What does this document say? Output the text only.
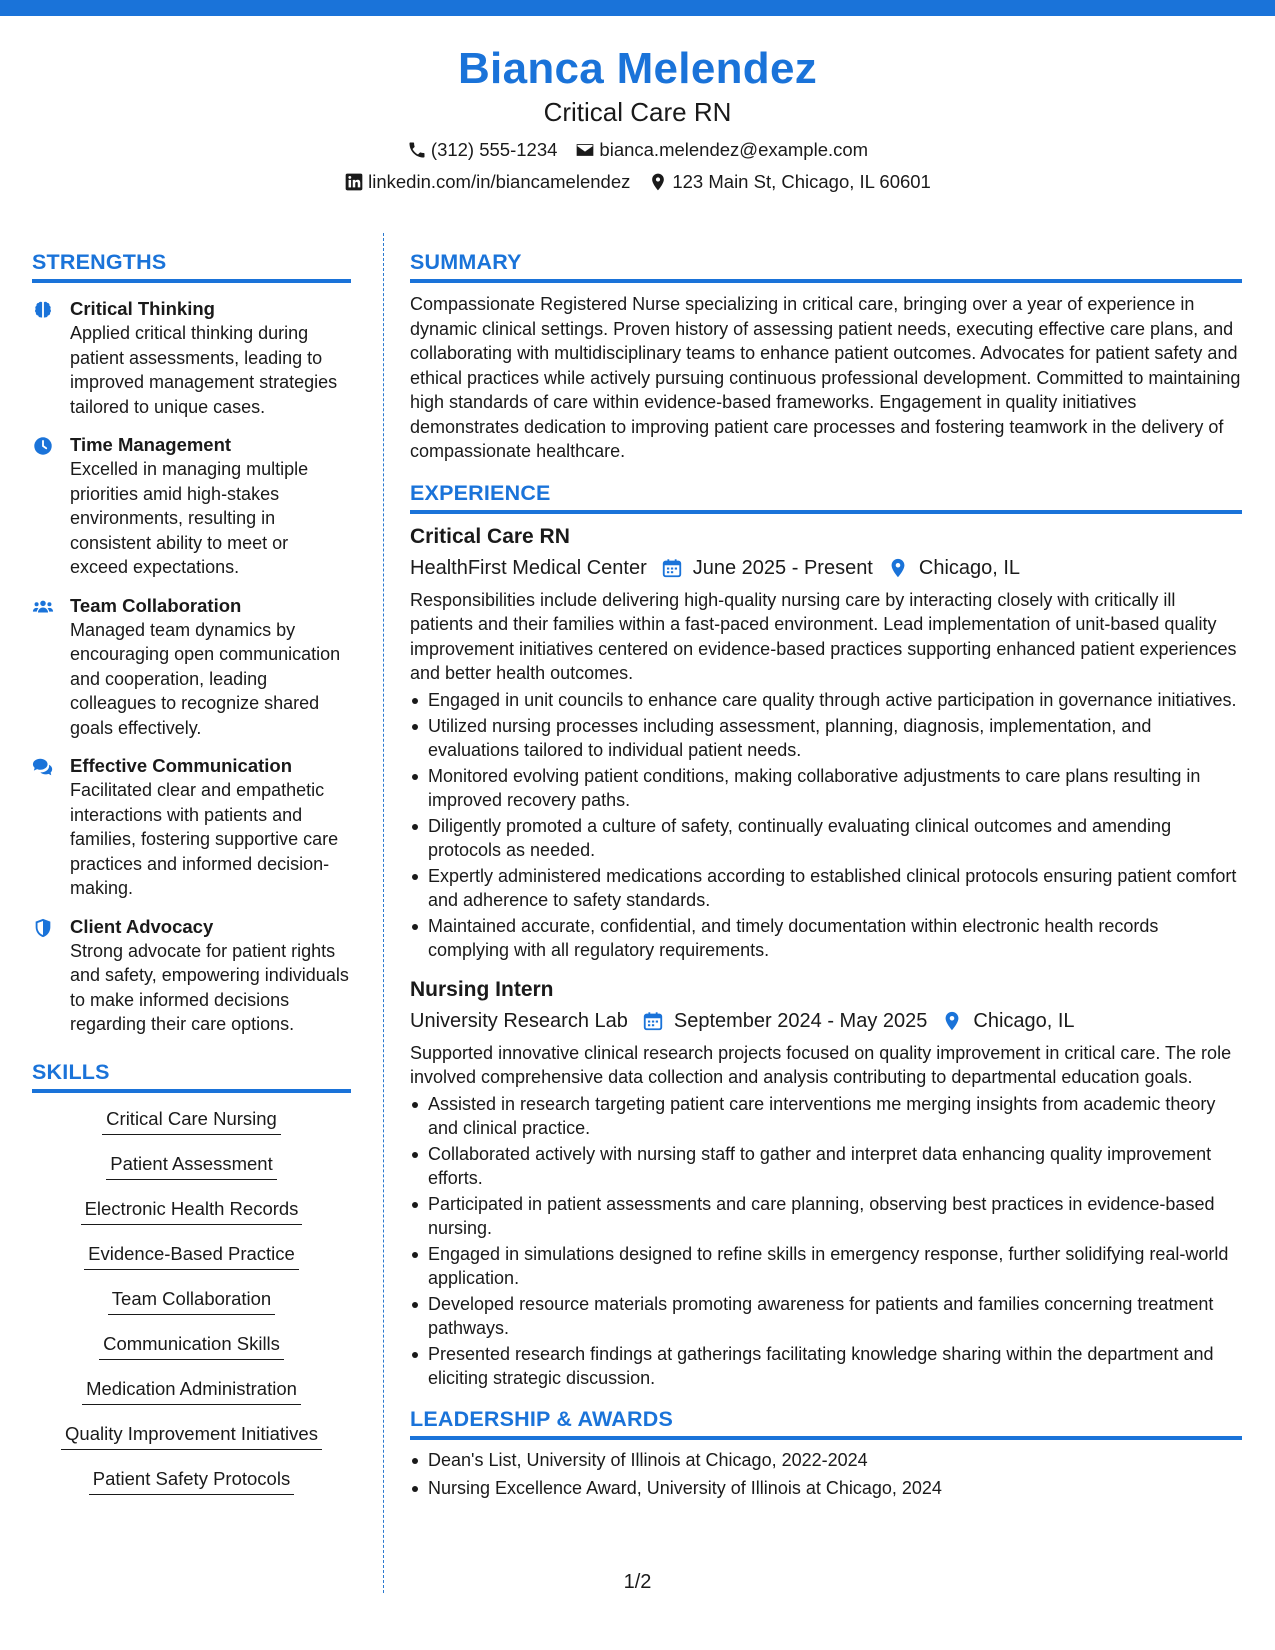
Bianca Melendez
Critical Care RN
(312) 555-1234 bianca.melendez@example.com
linkedin.com/in/biancamelendez 123 Main St, Chicago, IL 60601
STRENGTHS
Critical Thinking
Applied critical thinking during patient assessments, leading to improved management strategies tailored to unique cases.
Time Management
Excelled in managing multiple priorities amid high-stakes environments, resulting in consistent ability to meet or exceed expectations.
Team Collaboration
Managed team dynamics by encouraging open communication and cooperation, leading colleagues to recognize shared goals effectively.
Effective Communication
Facilitated clear and empathetic interactions with patients and families, fostering supportive care practices and informed decision-making.
Client Advocacy
Strong advocate for patient rights and safety, empowering individuals to make informed decisions regarding their care options.
SKILLS
Critical Care Nursing
Patient Assessment
Electronic Health Records
Evidence-Based Practice
Team Collaboration
Communication Skills
Medication Administration
Quality Improvement Initiatives
Patient Safety Protocols
SUMMARY
Compassionate Registered Nurse specializing in critical care, bringing over a year of experience in dynamic clinical settings. Proven history of assessing patient needs, executing effective care plans, and collaborating with multidisciplinary teams to enhance patient outcomes. Advocates for patient safety and ethical practices while actively pursuing continuous professional development. Committed to maintaining high standards of care within evidence-based frameworks. Engagement in quality initiatives demonstrates dedication to improving patient care processes and fostering teamwork in the delivery of compassionate healthcare.
EXPERIENCE
Critical Care RN
HealthFirst Medical Center June 2025 - Present Chicago, IL
Responsibilities include delivering high-quality nursing care by interacting closely with critically ill patients and their families within a fast-paced environment. Lead implementation of unit-based quality improvement initiatives centered on evidence-based practices supporting enhanced patient experiences and better health outcomes.
Engaged in unit councils to enhance care quality through active participation in governance initiatives.
Utilized nursing processes including assessment, planning, diagnosis, implementation, and evaluations tailored to individual patient needs.
Monitored evolving patient conditions, making collaborative adjustments to care plans resulting in improved recovery paths.
Diligently promoted a culture of safety, continually evaluating clinical outcomes and amending protocols as needed.
Expertly administered medications according to established clinical protocols ensuring patient comfort and adherence to safety standards.
Maintained accurate, confidential, and timely documentation within electronic health records complying with all regulatory requirements.
Nursing Intern
University Research Lab September 2024 - May 2025 Chicago, IL
Supported innovative clinical research projects focused on quality improvement in critical care. The role involved comprehensive data collection and analysis contributing to departmental education goals.
Assisted in research targeting patient care interventions me merging insights from academic theory and clinical practice.
Collaborated actively with nursing staff to gather and interpret data enhancing quality improvement efforts.
Participated in patient assessments and care planning, observing best practices in evidence-based nursing.
Engaged in simulations designed to refine skills in emergency response, further solidifying real-world application.
Developed resource materials promoting awareness for patients and families concerning treatment pathways.
Presented research findings at gatherings facilitating knowledge sharing within the department and eliciting strategic discussion.
LEADERSHIP & AWARDS
Dean's List, University of Illinois at Chicago, 2022-2024
Nursing Excellence Award, University of Illinois at Chicago, 2024
1/2
